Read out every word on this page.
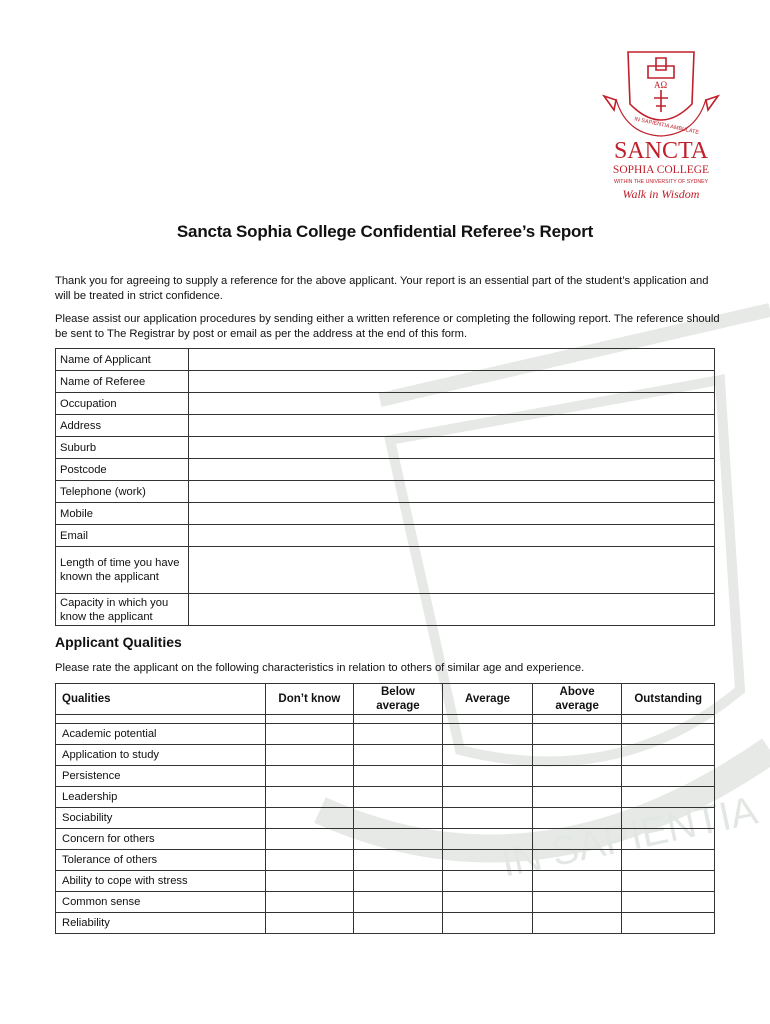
IN SAPIENTIA
ΑΩ
IN SAPIENTIA AMBULATE
SANCTA
SOPHIA COLLEGE
WITHIN THE UNIVERSITY OF SYDNEY
Walk in Wisdom
Sancta Sophia College Confidential Referee’s Report
Thank you for agreeing to supply a reference for the above applicant. Your report is an essential part of the student’s application and will be treated in strict confidence.
Please assist our application procedures by sending either a written reference or completing the following report. The reference should be sent to The Registrar by post or email as per the address at the end of this form.
Name of Applicant	
Name of Referee	
Occupation	
Address	
Suburb	
Postcode	
Telephone (work)	
Mobile	
Email	
Length of time you have known the applicant	
Capacity in which you know the applicant	
Applicant Qualities
Please rate the applicant on the following characteristics in relation to others of similar age and experience.
Qualities	Don’t know	Below average	Average	Above average	Outstanding

Academic potential					
Application to study					
Persistence					
Leadership					
Sociability					
Concern for others					
Tolerance of others					
Ability to cope with stress					
Common sense					
Reliability					
